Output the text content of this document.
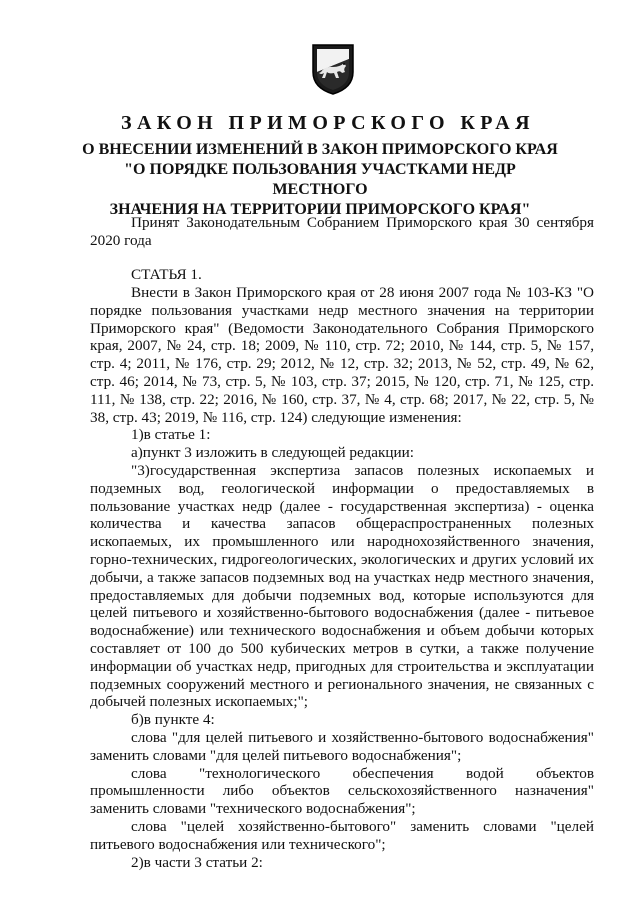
ЗАКОН ПРИМОРСКОГО КРАЯ
О ВНЕСЕНИИ ИЗМЕНЕНИЙ В ЗАКОН ПРИМОРСКОГО КРАЯ
"О ПОРЯДКЕ ПОЛЬЗОВАНИЯ УЧАСТКАМИ НЕДР МЕСТНОГО
ЗНАЧЕНИЯ НА ТЕРРИТОРИИ ПРИМОРСКОГО КРАЯ"

Принят Законодательным Собранием Приморского края 30 сентября 2020 года

СТАТЬЯ 1.

Внести в Закон Приморского края от 28 июня 2007 года № 103-КЗ "О порядке пользования участками недр местного значения на территории Приморского края" (Ведомости Законодательного Собрания Приморского края, 2007, № 24, стр. 18; 2009, № 110, стр. 72; 2010, № 144, стр. 5, № 157, стр. 4; 2011, № 176, стр. 29; 2012, № 12, стр. 32; 2013, № 52, стр. 49, № 62, стр. 46; 2014, № 73, стр. 5, № 103, стр. 37; 2015, № 120, стр. 71, № 125, стр. 111, № 138, стр. 22; 2016, № 160, стр. 37, № 4, стр. 68; 2017, № 22, стр. 5, № 38, стр. 43; 2019, № 116, стр. 124) следующие изменения:

1)в статье 1:

а)пункт 3 изложить в следующей редакции:

"3)государственная экспертиза запасов полезных ископаемых и подземных вод, геологической информации о предоставляемых в пользование участках недр (далее - государственная экспертиза) - оценка количества и качества запасов общераспространенных полезных ископаемых, их промышленного или народнохозяйственного значения, горно-технических, гидрогеологических, экологических и других условий их добычи, а также запасов подземных вод на участках недр местного значения, предоставляемых для добычи подземных вод, которые используются для целей питьевого и хозяйственно-бытового водоснабжения (далее - питьевое водоснабжение) или технического водоснабжения и объем добычи которых составляет от 100 до 500 кубических метров в сутки, а также получение информации об участках недр, пригодных для строительства и эксплуатации подземных сооружений местного и регионального значения, не связанных с добычей полезных ископаемых;";

б)в пункте 4:

слова "для целей питьевого и хозяйственно-бытового водоснабжения" заменить словами "для целей питьевого водоснабжения";

слова "технологического обеспечения водой объектов промышленности либо объектов сельскохозяйственного назначения" заменить словами "технического водоснабжения";

слова "целей хозяйственно-бытового" заменить словами "целей питьевого водоснабжения или технического";

2)в части 3 статьи 2:
